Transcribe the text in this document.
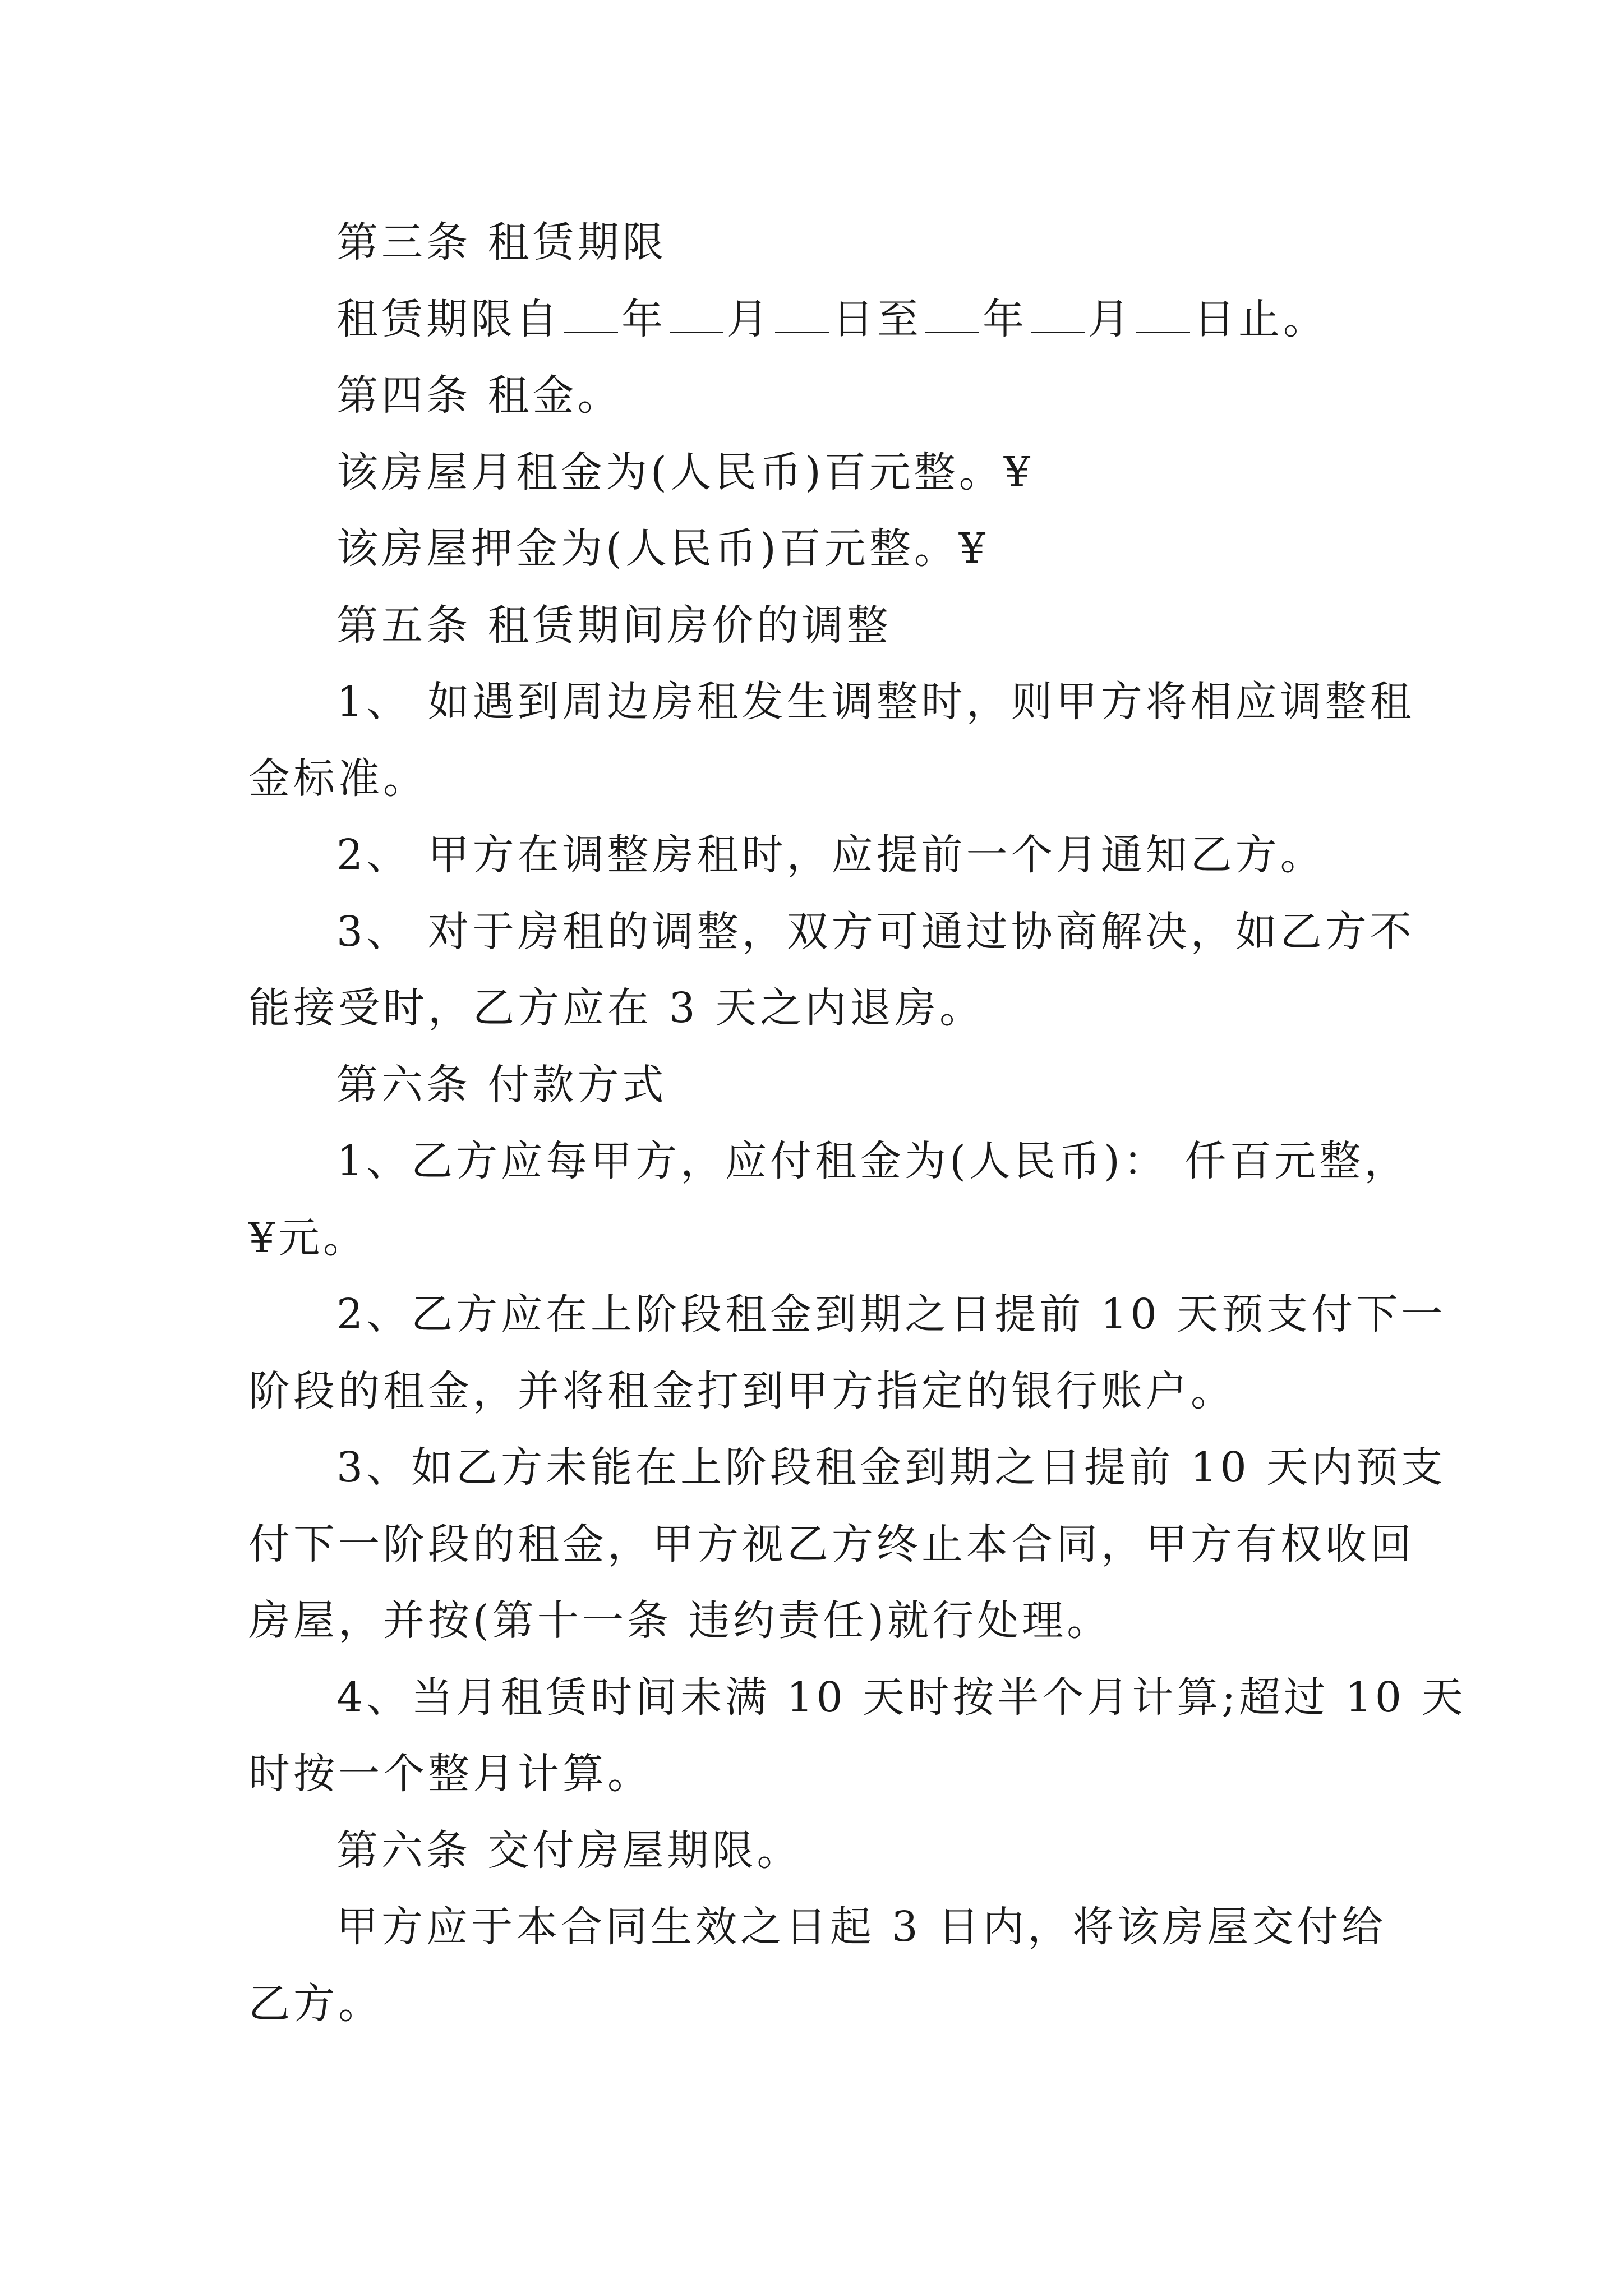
第三条 租赁期限
租赁期限自 年 月 日至 年 月 日止。
第四条 租金。
该房屋月租金为(人民币)百元整。¥
该房屋押金为(人民币)百元整。¥
第五条 租赁期间房价的调整
1、 如遇到周边房租发生调整时，则甲方将相应调整租
金标准。
2、 甲方在调整房租时，应提前一个月通知乙方。
3、 对于房租的调整，双方可通过协商解决，如乙方不
能接受时，乙方应在 3 天之内退房。
第六条 付款方式
1、乙方应每甲方，应付租金为(人民币)： 仟百元整，
¥元。
2、乙方应在上阶段租金到期之日提前 10 天预支付下一
阶段的租金，并将租金打到甲方指定的银行账户。
3、如乙方未能在上阶段租金到期之日提前 10 天内预支
付下一阶段的租金，甲方视乙方终止本合同，甲方有权收回
房屋，并按(第十一条 违约责任)就行处理。
4、当月租赁时间未满 10 天时按半个月计算;超过 10 天
时按一个整月计算。
第六条 交付房屋期限。
甲方应于本合同生效之日起 3 日内，将该房屋交付给
乙方。
